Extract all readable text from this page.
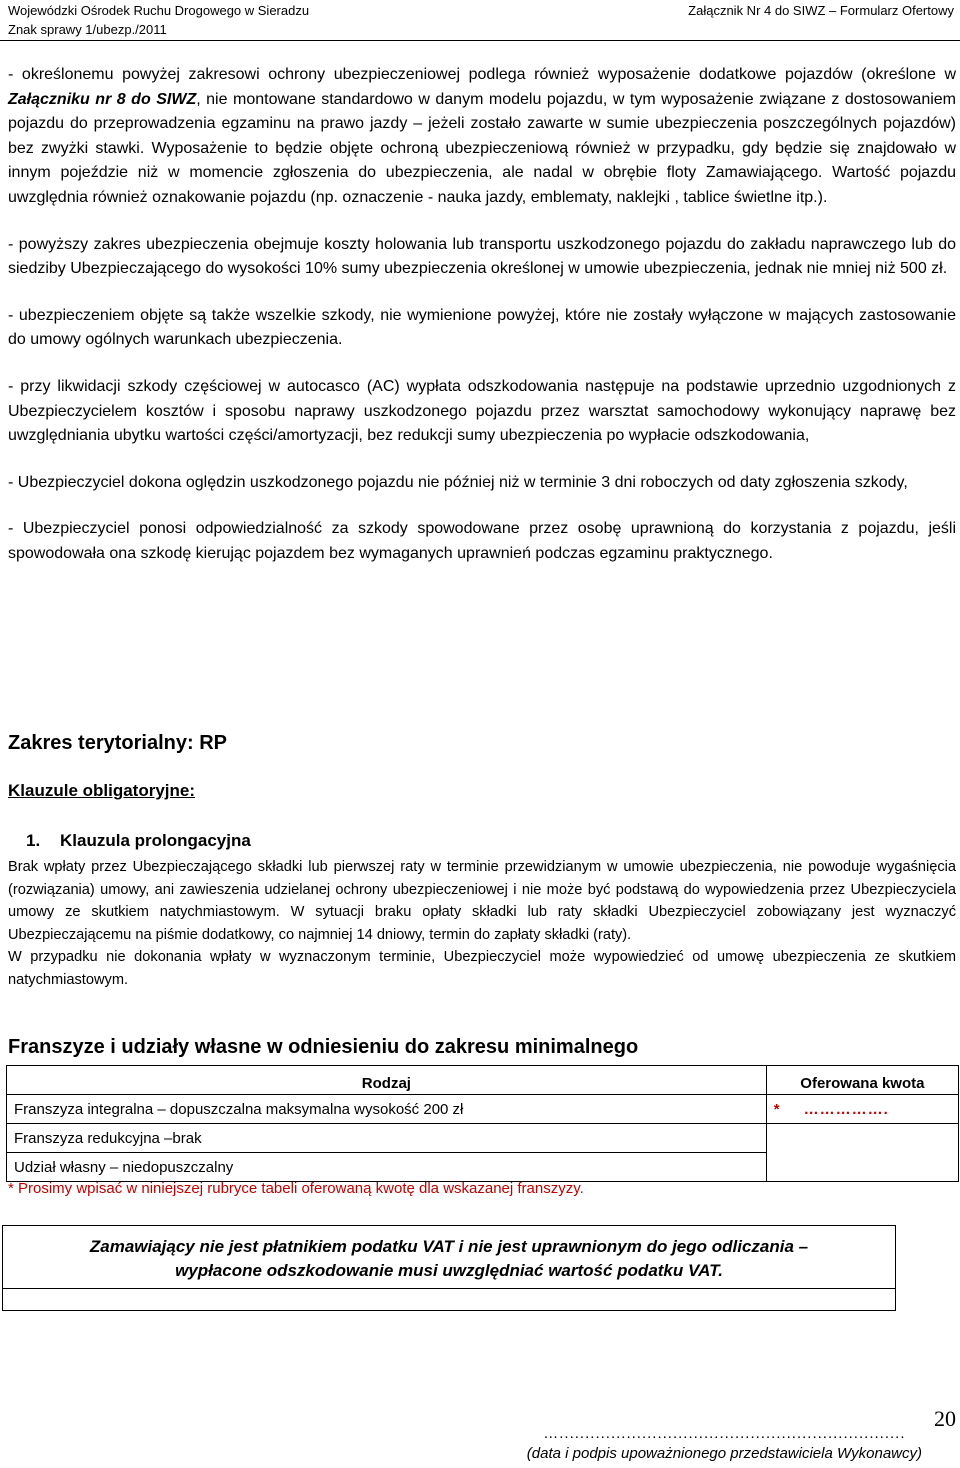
Wojewódzki Ośrodek Ruchu Drogowego w Sieradzu
Znak sprawy 1/ubezp./2011
Załącznik Nr 4 do SIWZ – Formularz Ofertowy

- określonemu powyżej zakresowi ochrony ubezpieczeniowej podlega również wyposażenie dodatkowe pojazdów (określone w Załączniku nr 8 do SIWZ, nie montowane standardowo w danym modelu pojazdu, w tym wyposażenie związane z dostosowaniem pojazdu do przeprowadzenia egzaminu na prawo jazdy – jeżeli zostało zawarte w sumie ubezpieczenia poszczególnych pojazdów) bez zwyżki stawki. Wyposażenie to będzie objęte ochroną ubezpieczeniową również w przypadku, gdy będzie się znajdowało w innym pojeździe niż w momencie zgłoszenia do ubezpieczenia, ale nadal w obrębie floty Zamawiającego. Wartość pojazdu uwzględnia również oznakowanie pojazdu (np. oznaczenie - nauka jazdy, emblematy, naklejki , tablice świetlne itp.).

- powyższy zakres ubezpieczenia obejmuje koszty holowania lub transportu uszkodzonego pojazdu do zakładu naprawczego lub do siedziby Ubezpieczającego do wysokości 10% sumy ubezpieczenia określonej w umowie ubezpieczenia, jednak nie mniej niż 500 zł.

- ubezpieczeniem objęte są także wszelkie szkody, nie wymienione powyżej, które nie zostały wyłączone w mających zastosowanie do umowy ogólnych warunkach ubezpieczenia.

- przy likwidacji szkody częściowej w autocasco (AC) wypłata odszkodowania następuje na podstawie uprzednio uzgodnionych z Ubezpieczycielem kosztów i sposobu naprawy uszkodzonego pojazdu przez warsztat samochodowy wykonujący naprawę bez uwzględniania ubytku wartości części/amortyzacji, bez redukcji sumy ubezpieczenia po wypłacie odszkodowania,

- Ubezpieczyciel dokona oględzin uszkodzonego pojazdu nie później niż w terminie 3 dni roboczych od daty zgłoszenia szkody,

- Ubezpieczyciel ponosi odpowiedzialność za szkody spowodowane przez osobę uprawnioną do korzystania z pojazdu, jeśli spowodowała ona szkodę kierując pojazdem bez wymaganych uprawnień podczas egzaminu praktycznego.

Zakres terytorialny: RP
Klauzule obligatoryjne:
1. Klauzula prolongacyjna

Brak wpłaty przez Ubezpieczającego składki lub pierwszej raty w terminie przewidzianym w umowie ubezpieczenia, nie powoduje wygaśnięcia (rozwiązania) umowy, ani zawieszenia udzielanej ochrony ubezpieczeniowej i nie może być podstawą do wypowiedzenia przez Ubezpieczyciela umowy ze skutkiem natychmiastowym. W sytuacji braku opłaty składki lub raty składki Ubezpieczyciel zobowiązany jest wyznaczyć Ubezpieczającemu na piśmie dodatkowy, co najmniej 14 dniowy, termin do zapłaty składki (raty).

W przypadku nie dokonania wpłaty w wyznaczonym terminie, Ubezpieczyciel może wypowiedzieć od umowę ubezpieczenia ze skutkiem natychmiastowym.

Franszyze i udziały własne w odniesieniu do zakresu minimalnego
Rodzaj	Oferowana kwota
Franszyza integralna – dopuszczalna maksymalna wysokość 200 zł	* …………….
Franszyza redukcyjna –brak	
Udział własny – niedopuszczalny	
* Prosimy wpisać w niniejszej rubryce tabeli oferowaną kwotę dla wskazanej franszyzy.
Zamawiający nie jest płatnikiem podatku VAT i nie jest uprawnionym do jego odliczania –
wypłacone odszkodowanie musi uwzględniać wartość podatku VAT.
20
…...................................................................
(data i podpis upoważnionego przedstawiciela Wykonawcy)
